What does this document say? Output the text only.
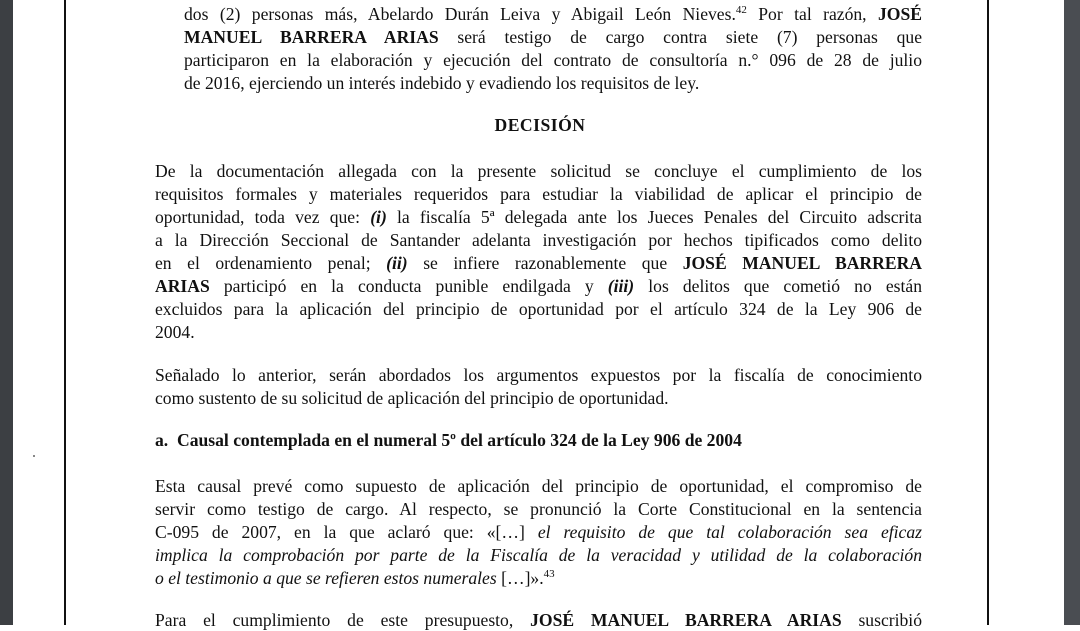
DECISIÓN
dos (2) personas más, Abelardo Durán Leiva y Abigail León Nieves.$^{42}$ Por tal razón, JOSÉ
MANUEL BARRERA ARIAS será testigo de cargo contra siete (7) personas que
participaron en la elaboración y ejecución del contrato de consultoría n.° 096 de 28 de julio
de 2016, ejerciendo un interés indebido y evadiendo los requisitos de ley.
De la documentación allegada con la presente solicitud se concluye el cumplimiento de los
requisitos formales y materiales requeridos para estudiar la viabilidad de aplicar el principio de
oportunidad, toda vez que: (i) la fiscalía 5ª delegada ante los Jueces Penales del Circuito adscrita
a la Dirección Seccional de Santander adelanta investigación por hechos tipificados como delito
en el ordenamiento penal; (ii) se infiere razonablemente que JOSÉ MANUEL BARRERA
ARIAS participó en la conducta punible endilgada y (iii) los delitos que cometió no están
excluidos para la aplicación del principio de oportunidad por el artículo 324 de la Ley 906 de
2004.
Señalado lo anterior, serán abordados los argumentos expuestos por la fiscalía de conocimiento
como sustento de su solicitud de aplicación del principio de oportunidad.
a.  Causal contemplada en el numeral 5º del artículo 324 de la Ley 906 de 2004
Esta causal prevé como supuesto de aplicación del principio de oportunidad, el compromiso de
servir como testigo de cargo. Al respecto, se pronunció la Corte Constitucional en la sentencia
C-095 de 2007, en la que aclaró que: «[…] el requisito de que tal colaboración sea eficaz
implica la comprobación por parte de la Fiscalía de la veracidad y utilidad de la colaboración
o el testimonio a que se refieren estos numerales […]».$^{43}$
Para el cumplimiento de este presupuesto, JOSÉ MANUEL BARRERA ARIAS suscribió
